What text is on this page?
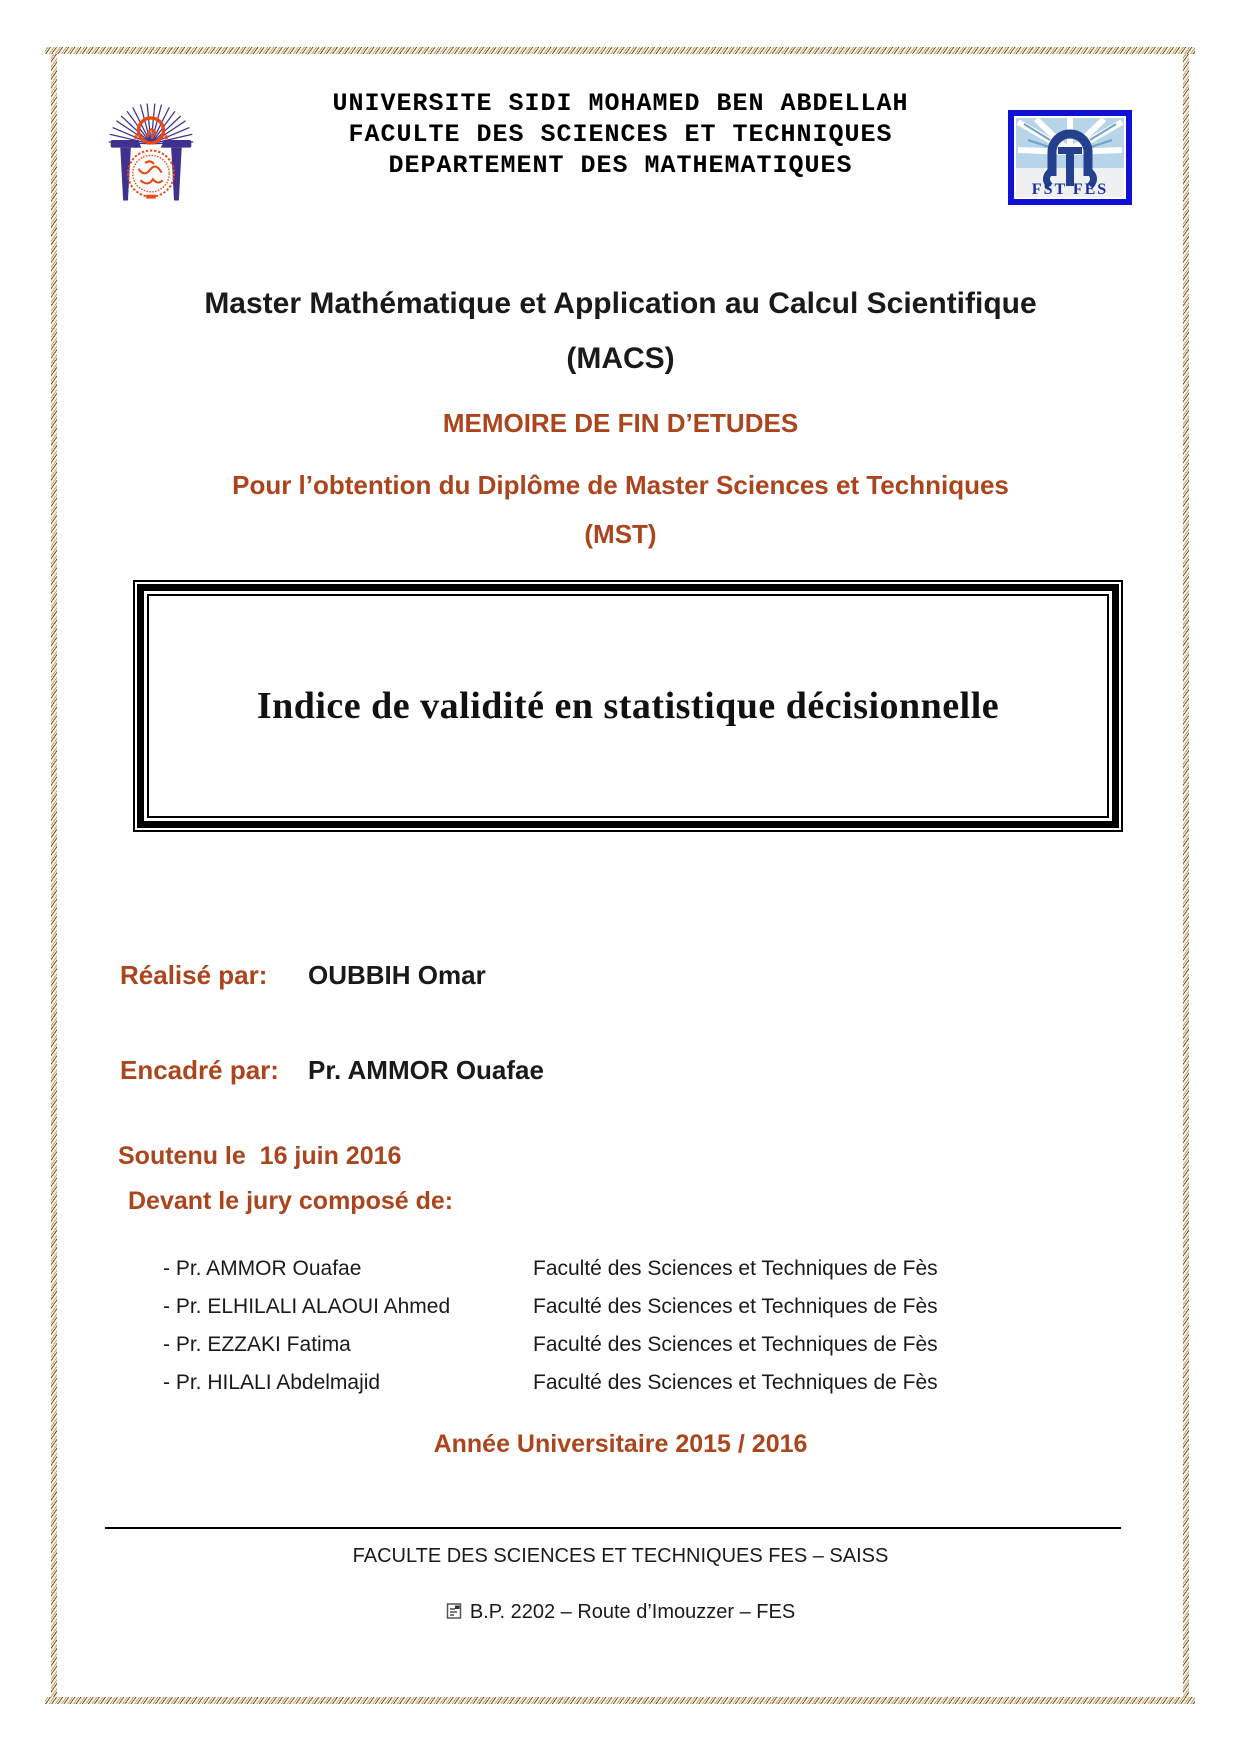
UNIVERSITE SIDI MOHAMED BEN ABDELLAH
FACULTE DES SCIENCES ET TECHNIQUES
DEPARTEMENT DES MATHEMATIQUES
FST FES
Master Mathématique et Application au Calcul Scientifique
(MACS)
MEMOIRE DE FIN D’ETUDES
Pour l’obtention du Diplôme de Master Sciences et Techniques
(MST)
Indice de validité en statistique décisionnelle
Réalisé par:	OUBBIH Omar
Encadré par:	Pr. AMMOR Ouafae
Soutenu le  16 juin 2016
Devant le jury composé de:
- Pr. AMMOR Ouafae	Faculté des Sciences et Techniques de Fès
- Pr. ELHILALI ALAOUI Ahmed	Faculté des Sciences et Techniques de Fès
- Pr. EZZAKI Fatima	Faculté des Sciences et Techniques de Fès
- Pr. HILALI Abdelmajid	Faculté des Sciences et Techniques de Fès
Année Universitaire 2015 / 2016
FACULTE DES SCIENCES ET TECHNIQUES FES – SAISS
B.P. 2202 – Route d’Imouzzer – FES
